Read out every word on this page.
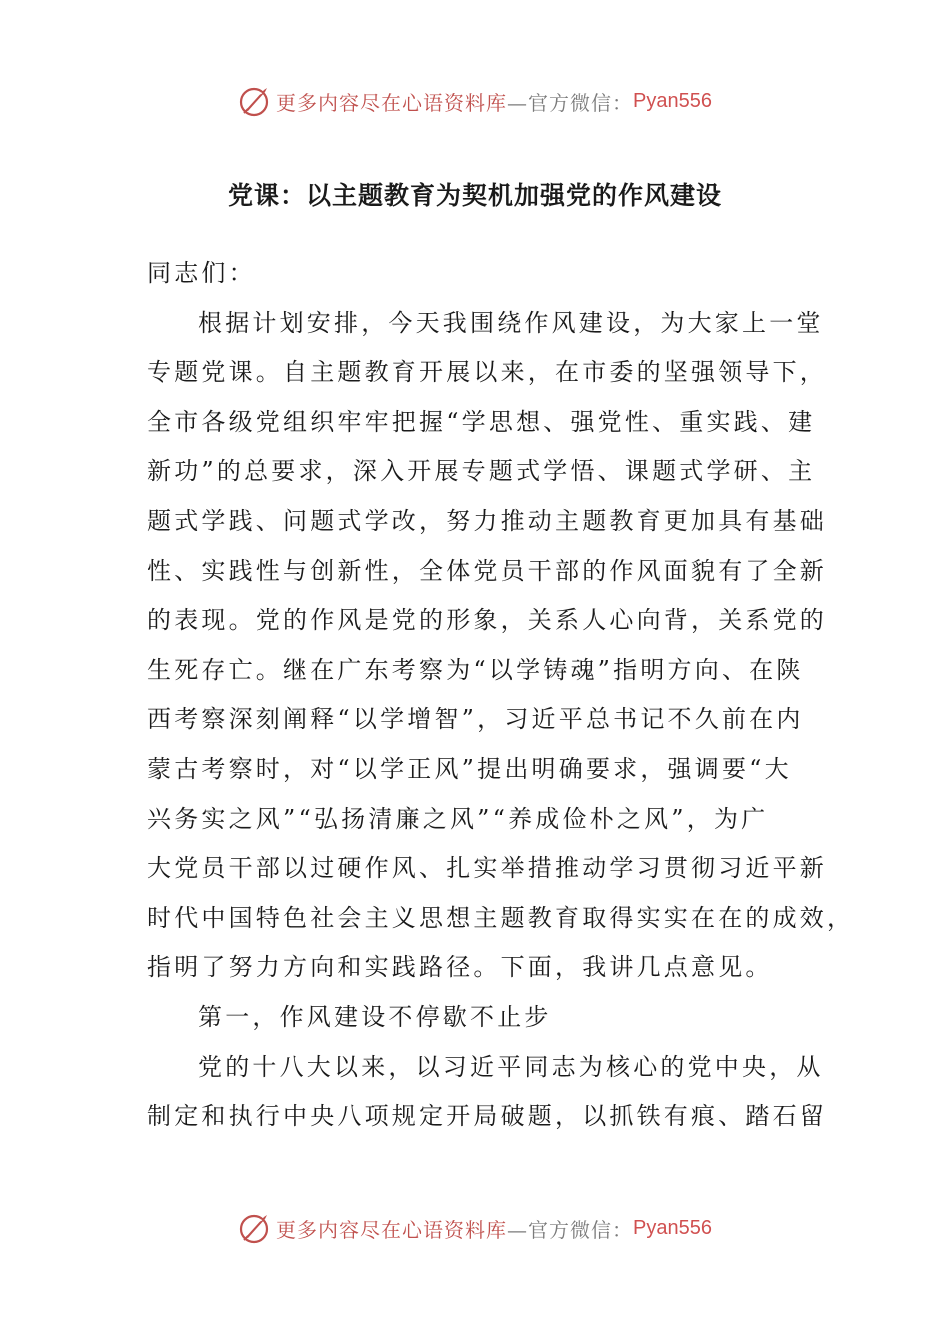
更多内容尽在心语资料库 —官方微信： Pyan556
党课：以主题教育为契机加强党的作风建设
同志们：
根据计划安排，今天我围绕作风建设，为大家上一堂
专题党课。自主题教育开展以来，在市委的坚强领导下，
全市各级党组织牢牢把握“学思想、强党性、重实践、建
新功”的总要求，深入开展专题式学悟、课题式学研、主
题式学践、问题式学改，努力推动主题教育更加具有基础
性、实践性与创新性，全体党员干部的作风面貌有了全新
的表现。党的作风是党的形象，关系人心向背，关系党的
生死存亡。继在广东考察为“以学铸魂”指明方向、在陕
西考察深刻阐释“以学增智”，习近平总书记不久前在内
蒙古考察时，对“以学正风”提出明确要求，强调要“大
兴务实之风”“弘扬清廉之风”“养成俭朴之风”，为广
大党员干部以过硬作风、扎实举措推动学习贯彻习近平新
时代中国特色社会主义思想主题教育取得实实在在的成效，
指明了努力方向和实践路径。下面，我讲几点意见。
第一，作风建设不停歇不止步
党的十八大以来，以习近平同志为核心的党中央，从
制定和执行中央八项规定开局破题，以抓铁有痕、踏石留
更多内容尽在心语资料库 —官方微信： Pyan556
